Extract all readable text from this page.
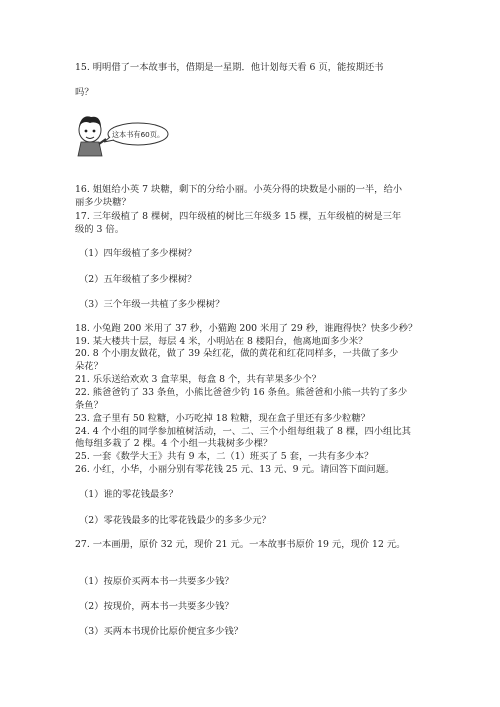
15. 明明借了一本故事书，借期是一星期．他计划每天看 6 页，能按期还书
吗？
这本书有60页。
16. 姐姐给小英 7 块糖，剩下的分给小丽。小英分得的块数是小丽的一半，给小
丽多少块糖？
17. 三年级植了 8 棵树，四年级植的树比三年级多 15 棵，五年级植的树是三年
级的 3 倍。
（1）四年级植了多少棵树？
（2）五年级植了多少棵树？
（3）三个年级一共植了多少棵树？
18. 小兔跑 200 米用了 37 秒，小猫跑 200 米用了 29 秒，谁跑得快？快多少秒？
19. 某大楼共十层，每层 4 米，小明站在 8 楼阳台，他离地面多少米？
20. 8 个小朋友做花，做了 39 朵红花，做的黄花和红花同样多，一共做了多少
朵花？
21. 乐乐送给欢欢 3 盒苹果，每盒 8 个，共有苹果多少个？
22. 熊爸爸钓了 33 条鱼，小熊比爸爸少钓 16 条鱼。熊爸爸和小熊一共钓了多少
条鱼？
23. 盒子里有 50 粒糖，小巧吃掉 18 粒糖，现在盒子里还有多少粒糖？
24. 4 个小组的同学参加植树活动，一、二、三个小组每组栽了 8 棵，四小组比其
他每组多栽了 2 棵。4 个小组一共栽树多少棵？
25. 一套《数学大王》共有 9 本，二（1）班买了 5 套，一共有多少本？
26. 小红，小华，小丽分别有零花钱 25 元、13 元、9 元。请回答下面问题。
（1）谁的零花钱最多？
（2）零花钱最多的比零花钱最少的多多少元？
27. 一本画册，原价 32 元，现价 21 元。一本故事书原价 19 元，现价 12 元。
（1）按原价买两本书一共要多少钱？
（2）按现价，两本书一共要多少钱？
（3）买两本书现价比原价便宜多少钱？
